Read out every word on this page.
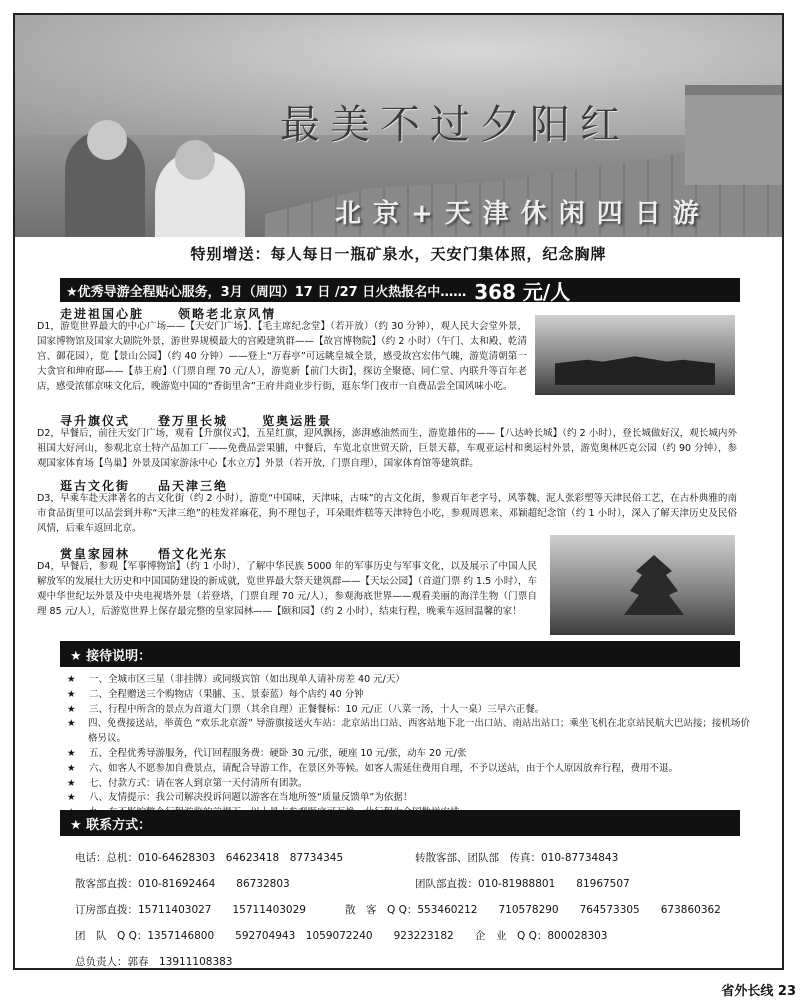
最美不过夕阳红
北京+天津休闲四日游
特别增送：每人每日一瓶矿泉水，天安门集体照，纪念胸牌
★优秀导游全程贴心服务，3月（周四）17 日 /27 日火热报名中…… 368 元/人
走进祖国心脏　　 领略老北京风情
D1，游览世界最大的中心广场——【天安门广场】、【毛主席纪念堂】（若开放）（约 30 分钟），观人民大会堂外景，国家博物馆及国家大剧院外景，游世界规模最大的宫殿建筑群——【故宫博物院】（约 2 小时）（午门、太和殿、乾清宫、御花园），览【景山公园】（约 40 分钟）——登上“万春亭”可远眺皇城全景，感受故宫宏伟气魄，游览清朝第一大贪官和珅府邸——【恭王府】（门票自理 70 元/人），游览新【前门大街】，探访全聚德、同仁堂、内联升等百年老店，感受浓郁京味文化后，晚游览中国的“香街里舍”王府井商业步行街，逛东华门夜市一自费品尝全国风味小吃。
寻升旗仪式　　登万里长城　　 览奥运胜景
D2，早餐后，前往天安门广场，观看【升旗仪式】，五星红旗，迎风飘扬，澎湃感油然而生，游览雄伟的——【八达岭长城】（约 2 小时），登长城做好汉，观长城内外祖国大好河山，参观北京土特产品加工厂——免费品尝果脯，中餐后，车览北京世贸天阶，巨景天幕，车观亚运村和奥运村外景，游览奥林匹克公园（约 90 分钟），参观国家体育场【鸟巢】外景及国家游泳中心【水立方】外景（若开放，门票自理），国家体育馆等建筑群。
逛古文化街　　品天津三绝
D3，早乘车赴天津著名的古文化街（约 2 小时），游览“中国味，天津味，古味”的古文化街，参观百年老字号，风筝魏、泥人张彩塑等天津民俗工艺，在古朴典雅的南市食品街里可以品尝到并称“天津三绝”的桂发祥麻花，狗不理包子，耳朵眼炸糕等天津特色小吃，参观周恩来、邓颖超纪念馆（约 1 小时），深入了解天津历史及民俗风情，后乘车返回北京。
赏皇家园林　　悟文化光东
D4，早餐后，参观【军事博物馆】（约 1 小时），了解中华民族 5000 年的军事历史与军事文化，以及展示了中国人民解放军的发展壮大历史和中国国防建设的新成就，览世界最大祭天建筑群——【天坛公园】（首道门票 约 1.5 小时），车观中华世纪坛外景及中央电视塔外景（若登塔，门票自理 70 元/人），参观海底世界——观看美丽的海洋生物（门票自理 85 元/人），后游览世界上保存最完整的皇家园林——【颐和园】（约 2 小时），结束行程，晚乘车返回温馨的家！
★ 接待说明：
★	一、全城市区三星（非挂牌）或同级宾馆（如出现单人请补房差 40 元/天）
★	二、全程赠送三个购物店（果脯、玉、景泰蓝）每个店约 40 分钟
★	三、行程中所含的景点为首道大门票（其余自理）正餐餐标：10 元/正（八菜一汤，十人一桌）三早六正餐。
★	四、免费接送站，举黄色 “欢乐北京游” 导游旗接送火车站：北京站出口站、西客站地下北一出口站、南站出站口；乘坐飞机在北京站民航大巴站接；接机场价格另议。
★	五、全程优秀导游服务，代订回程服务费：硬卧 30 元/张，硬座 10 元/张，动车 20 元/张
★	六、如客人不愿参加自费景点，请配合导游工作，在景区外等候。如客人需延住费用自理，不予以送站，由于个人原因放弃行程，费用不退。
★	七、付款方式：请在客人到京第一天付清所有团款。
★	八、友情提示：我公司解决投诉问题以游客在当地所签“质量反馈单”为依据！
★ 联系方式：
电话：总机：010-64628303　64623418　87734345	转散客部、团队部　传真：010-87734843
散客部直拨：010-81692464　　86732803	团队部直拨：010-81988801　　81967507
订房部直拨：15711403027　　15711403029	散　客　Q Q：553460212　　710578290　　764573305　　673860362
团　队　Q Q：1357146800　　592704943　1059072240　　923223182 企　业　Q Q：800028303
总负责人：郭春　13911108383
省外长线 23
